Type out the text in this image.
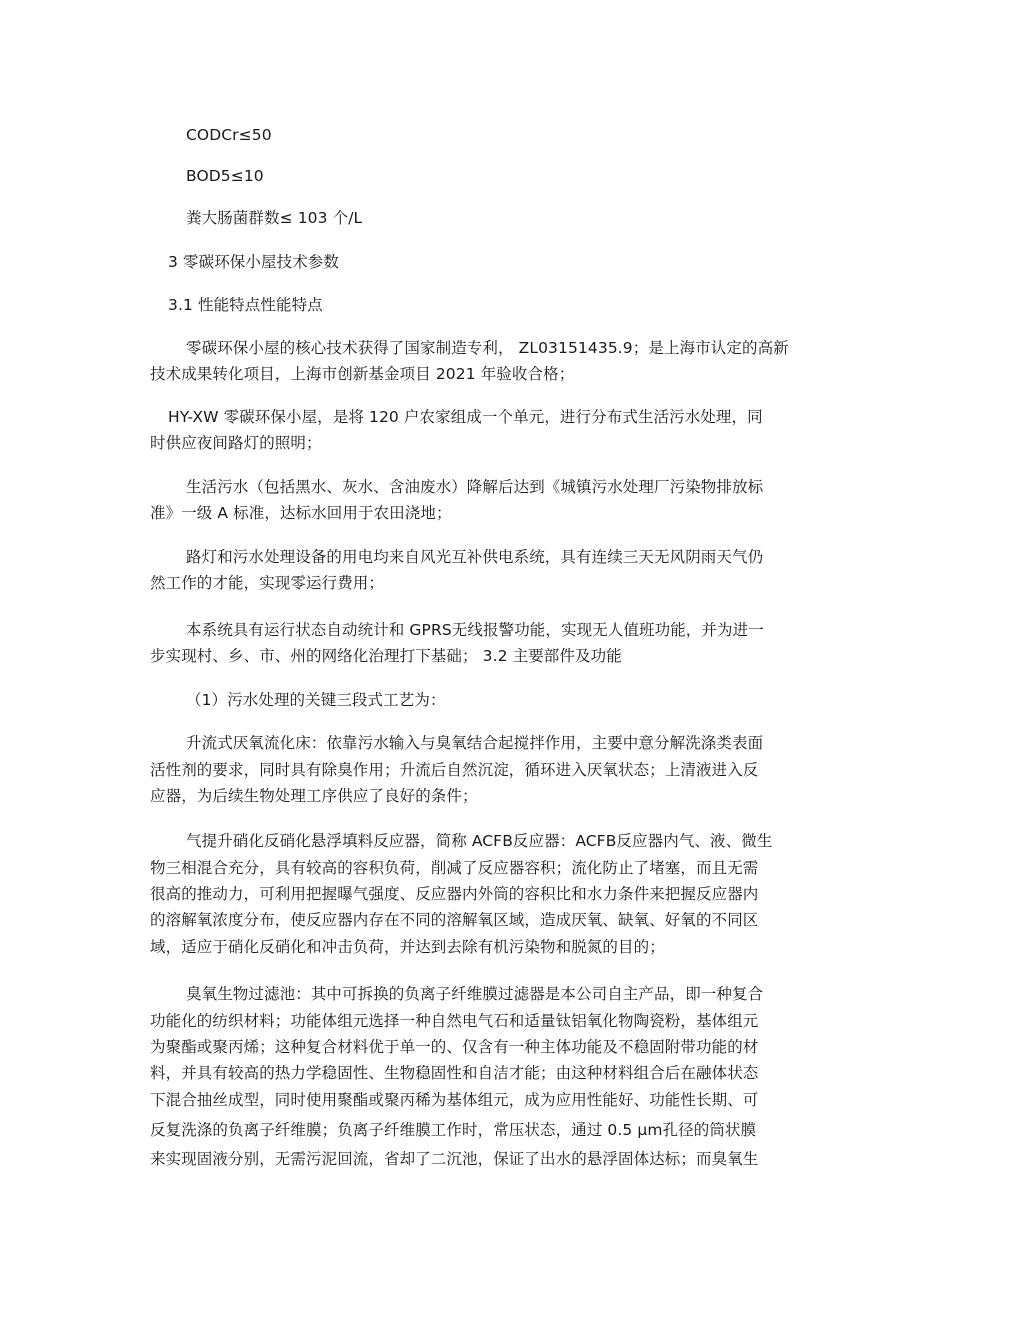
CODCr≤50
BOD5≤10
粪大肠菌群数≤ 103 个/L
3 零碳环保小屋技术参数
3.1 性能特点性能特点
零碳环保小屋的核心技术获得了国家制造专利， ZL03151435.9；是上海市认定的高新
技术成果转化项目，上海市创新基金项目 2021 年验收合格；
HY-XW 零碳环保小屋，是将 120 户农家组成一个单元，进行分布式生活污水处理，同
时供应夜间路灯的照明；
生活污水（包括黑水、灰水、含油废水）降解后达到《城镇污水处理厂污染物排放标
准》一级 A 标准，达标水回用于农田浇地；
路灯和污水处理设备的用电均来自风光互补供电系统，具有连续三天无风阴雨天气仍
然工作的才能，实现零运行费用；
本系统具有运行状态自动统计和 GPRS无线报警功能，实现无人值班功能，并为进一
步实现村、乡、市、州的网络化治理打下基础； 3.2 主要部件及功能
（1）污水处理的关键三段式工艺为：
升流式厌氧流化床：依靠污水输入与臭氧结合起搅拌作用，主要中意分解洗涤类表面
活性剂的要求，同时具有除臭作用；升流后自然沉淀，循环进入厌氧状态；上清液进入反
应器，为后续生物处理工序供应了良好的条件；
气提升硝化反硝化悬浮填料反应器，简称 ACFB反应器：ACFB反应器内气、液、微生
物三相混合充分，具有较高的容积负荷，削减了反应器容积；流化防止了堵塞，而且无需
很高的推动力，可利用把握曝气强度、反应器内外筒的容积比和水力条件来把握反应器内
的溶解氧浓度分布，使反应器内存在不同的溶解氧区域，造成厌氧、缺氧、好氧的不同区
域，适应于硝化反硝化和冲击负荷，并达到去除有机污染物和脱氮的目的；
臭氧生物过滤池：其中可拆换的负离子纤维膜过滤器是本公司自主产品，即一种复合
功能化的纺织材料；功能体组元选择一种自然电气石和适量钛铝氧化物陶瓷粉，基体组元
为聚酯或聚丙烯；这种复合材料优于单一的、仅含有一种主体功能及不稳固附带功能的材
料，并具有较高的热力学稳固性、生物稳固性和自洁才能；由这种材料组合后在融体状态
下混合抽丝成型，同时使用聚酯或聚丙稀为基体组元，成为应用性能好、功能性长期、可
反复洗涤的负离子纤维膜；负离子纤维膜工作时，常压状态，通过 0.5 μm孔径的筒状膜
来实现固液分别，无需污泥回流，省却了二沉池，保证了出水的悬浮固体达标；而臭氧生
